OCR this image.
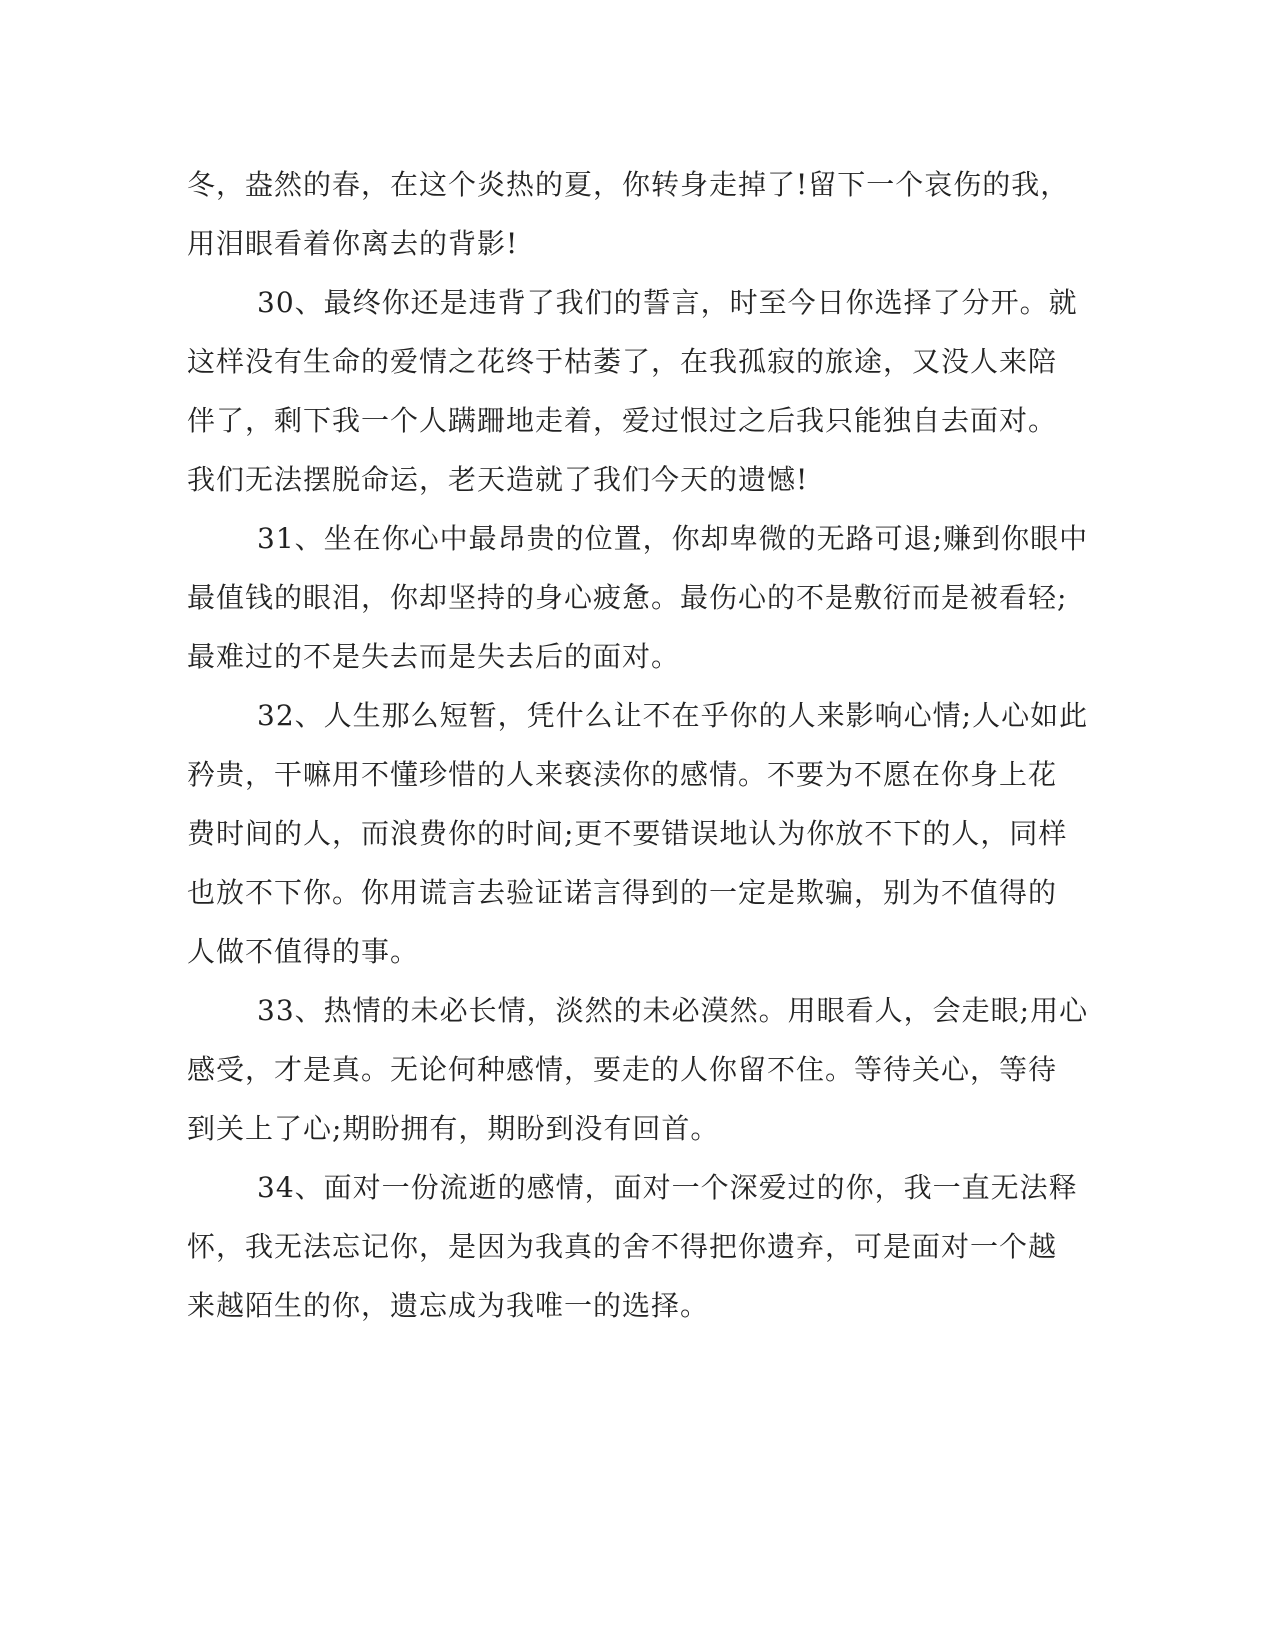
冬，盎然的春，在这个炎热的夏，你转身走掉了!留下一个哀伤的我，
用泪眼看着你离去的背影!
30、最终你还是违背了我们的誓言，时至今日你选择了分开。就
这样没有生命的爱情之花终于枯萎了，在我孤寂的旅途，又没人来陪
伴了，剩下我一个人蹒跚地走着，爱过恨过之后我只能独自去面对。
我们无法摆脱命运，老天造就了我们今天的遗憾!
31、坐在你心中最昂贵的位置，你却卑微的无路可退;赚到你眼中
最值钱的眼泪，你却坚持的身心疲惫。最伤心的不是敷衍而是被看轻;
最难过的不是失去而是失去后的面对。
32、人生那么短暂，凭什么让不在乎你的人来影响心情;人心如此
矜贵，干嘛用不懂珍惜的人来亵渎你的感情。不要为不愿在你身上花
费时间的人，而浪费你的时间;更不要错误地认为你放不下的人，同样
也放不下你。你用谎言去验证诺言得到的一定是欺骗，别为不值得的
人做不值得的事。
33、热情的未必长情，淡然的未必漠然。用眼看人，会走眼;用心
感受，才是真。无论何种感情，要走的人你留不住。等待关心，等待
到关上了心;期盼拥有，期盼到没有回首。
34、面对一份流逝的感情，面对一个深爱过的你，我一直无法释
怀，我无法忘记你，是因为我真的舍不得把你遗弃，可是面对一个越
来越陌生的你，遗忘成为我唯一的选择。
